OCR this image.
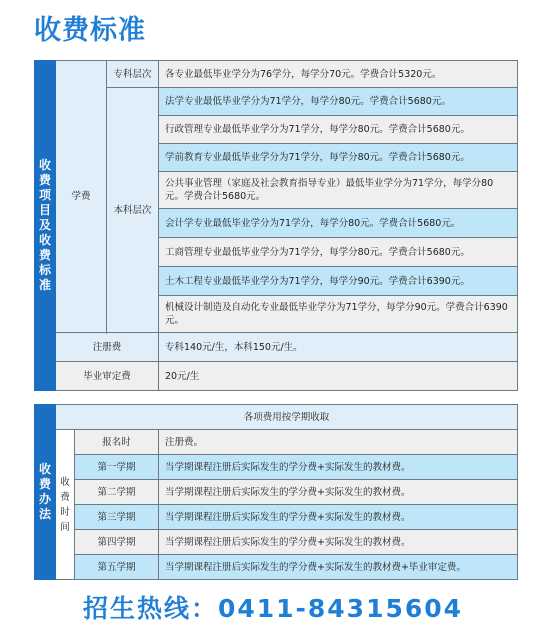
收费标准
收费项目及收费标准	学费	专科层次	各专业最低毕业学分为76学分，每学分70元。学费合计5320元。
		本科层次	法学专业最低毕业学分为71学分，每学分80元。学费合计5680元。
			行政管理专业最低毕业学分为71学分，每学分80元。学费合计5680元。
			学前教育专业最低毕业学分为71学分，每学分80元。学费合计5680元。
			公共事业管理（家庭及社会教育指导专业）最低毕业学分为71学分，每学分80元。学费合计5680元。
			会计学专业最低毕业学分为71学分，每学分80元。学费合计5680元。
			工商管理专业最低毕业学分为71学分，每学分80元。学费合计5680元。
			土木工程专业最低毕业学分为71学分，每学分90元。学费合计6390元。
			机械设计制造及自动化专业最低毕业学分为71学分，每学分90元。学费合计6390元。

	注册费		专科140元/生，本科150元/生。
	毕业审定费		20元/生
收费办法	各项费用按学期收取		
	收费时间	报名时	注册费。
		第一学期	当学期课程注册后实际发生的学分费+实际发生的教材费。
		第二学期	当学期课程注册后实际发生的学分费+实际发生的教材费。
		第三学期	当学期课程注册后实际发生的学分费+实际发生的教材费。
		第四学期	当学期课程注册后实际发生的学分费+实际发生的教材费。
		第五学期	当学期课程注册后实际发生的学分费+实际发生的教材费+毕业审定费。
招生热线：0411-84315604
